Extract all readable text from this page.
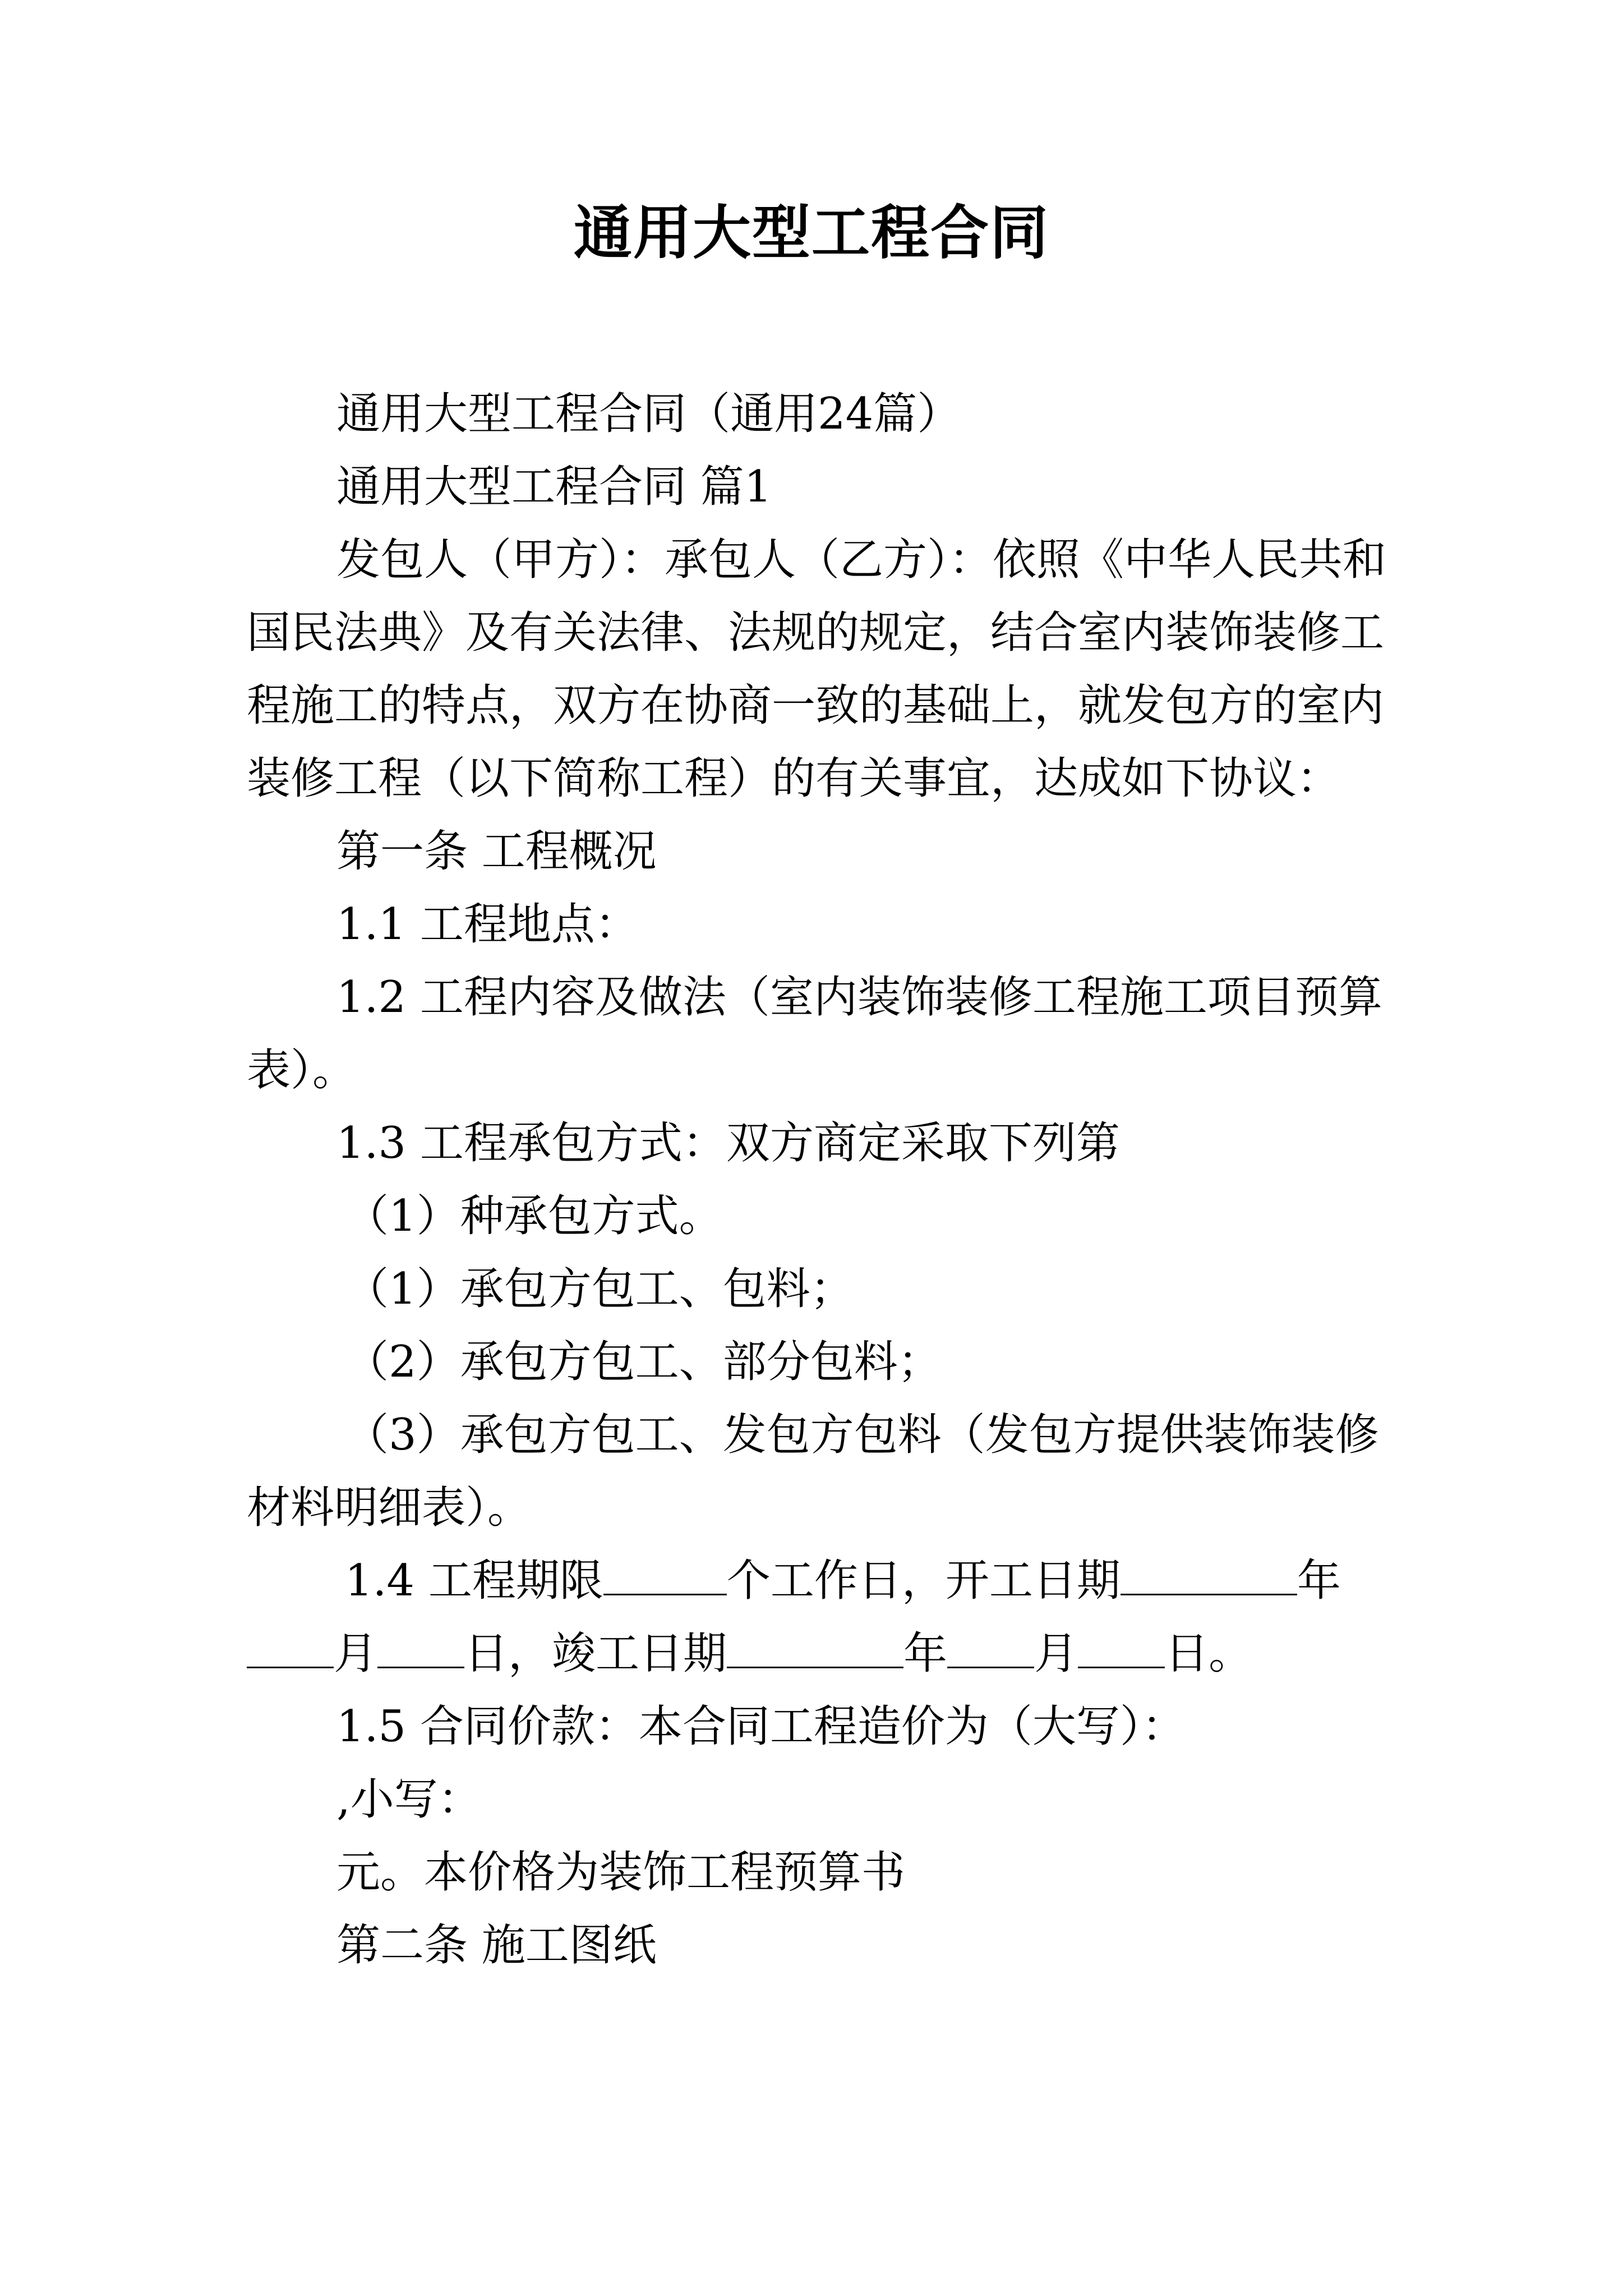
通用大型工程合同
通用大型工程合同（通用24篇）
通用大型工程合同 篇1
发包人（甲方）：承包人（乙方）：依照《中华人民共和
国民法典》及有关法律、法规的规定，结合室内装饰装修工
程施工的特点，双方在协商一致的基础上，就发包方的室内
装修工程（以下简称工程）的有关事宜，达成如下协议：
第一条 工程概况
1.1 工程地点：
1.2 工程内容及做法（室内装饰装修工程施工项目预算
表）。
1.3 工程承包方式：双方商定采取下列第
（1）种承包方式。
（1）承包方包工、包料；
（2）承包方包工、部分包料；
（3）承包方包工、发包方包料（发包方提供装饰装修
材料明细表）。
1.4 工程期限	个工作日，开工日期	年
月 日，竣工日期	年 月 日。
1.5 合同价款：本合同工程造价为（大写）：
,小写：
元。本价格为装饰工程预算书
第二条 施工图纸
